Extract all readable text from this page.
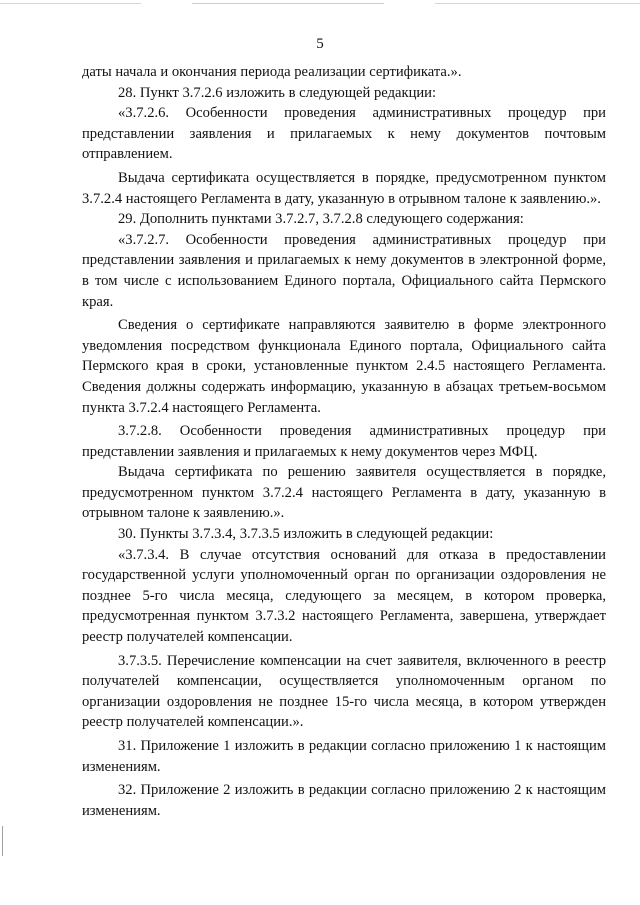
5

даты начала и окончания периода реализации сертификата.».

28. Пункт 3.7.2.6 изложить в следующей редакции:

«3.7.2.6. Особенности проведения административных процедур при представлении заявления и прилагаемых к нему документов почтовым отправлением.

Выдача сертификата осуществляется в порядке, предусмотренном пунктом 3.7.2.4 настоящего Регламента в дату, указанную в отрывном талоне к заявлению.».

29. Дополнить пунктами 3.7.2.7, 3.7.2.8 следующего содержания:

«3.7.2.7. Особенности проведения административных процедур при представлении заявления и прилагаемых к нему документов в электронной форме, в том числе с использованием Единого портала, Официального сайта Пермского края.

Сведения о сертификате направляются заявителю в форме электронного уведомления посредством функционала Единого портала, Официального сайта Пермского края в сроки, установленные пунктом 2.4.5 настоящего Регламента. Сведения должны содержать информацию, указанную в абзацах третьем-восьмом пункта 3.7.2.4 настоящего Регламента.

3.7.2.8. Особенности проведения административных процедур при представлении заявления и прилагаемых к нему документов через МФЦ.

Выдача сертификата по решению заявителя осуществляется в порядке, предусмотренном пунктом 3.7.2.4 настоящего Регламента в дату, указанную в отрывном талоне к заявлению.».

30. Пункты 3.7.3.4, 3.7.3.5 изложить в следующей редакции:

«3.7.3.4. В случае отсутствия оснований для отказа в предоставлении государственной услуги уполномоченный орган по организации оздоровления не позднее 5-го числа месяца, следующего за месяцем, в котором проверка, предусмотренная пунктом 3.7.3.2 настоящего Регламента, завершена, утверждает реестр получателей компенсации.

3.7.3.5. Перечисление компенсации на счет заявителя, включенного в реестр получателей компенсации, осуществляется уполномоченным органом по организации оздоровления не позднее 15-го числа месяца, в котором утвержден реестр получателей компенсации.».

31. Приложение 1 изложить в редакции согласно приложению 1 к настоящим изменениям.

32. Приложение 2 изложить в редакции согласно приложению 2 к настоящим изменениям.
